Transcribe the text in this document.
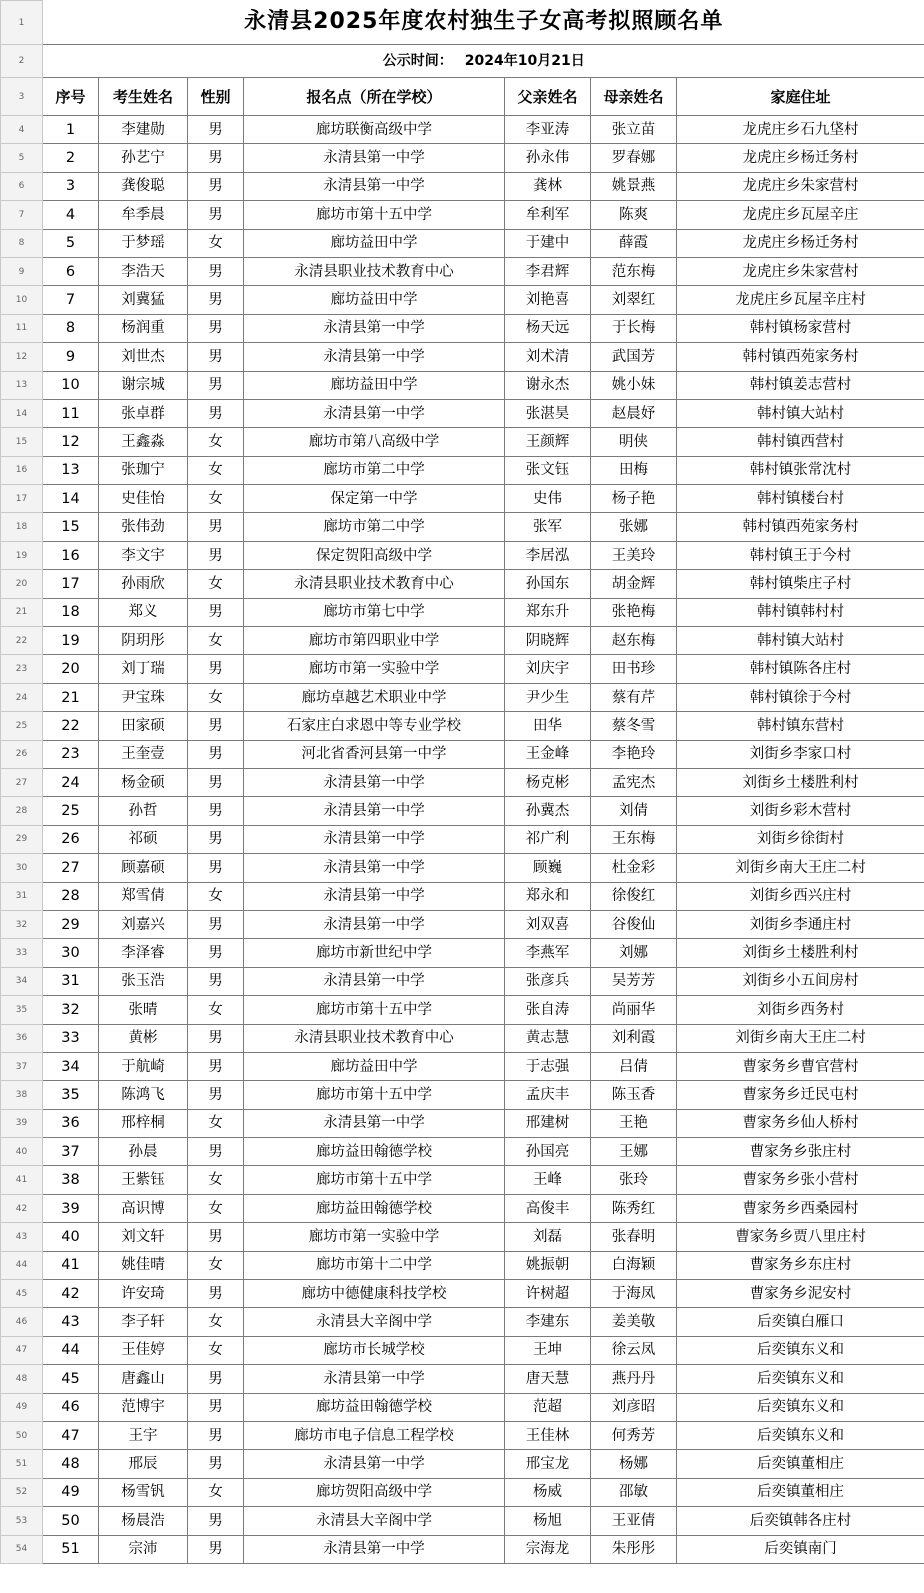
1	永清县2025年度农村独生子女高考拟照顾名单						
2	公示时间： 2024年10月21日						
3	序号	考生姓名	性别	报名点（所在学校）	父亲姓名	母亲姓名	家庭住址
4	1	李建勋	男	廊坊联衡高级中学	李亚涛	张立苗	龙虎庄乡石九垡村
5	2	孙艺宁	男	永清县第一中学	孙永伟	罗春娜	龙虎庄乡杨迁务村
6	3	龚俊聪	男	永清县第一中学	龚林	姚景燕	龙虎庄乡朱家营村
7	4	牟季晨	男	廊坊市第十五中学	牟利军	陈爽	龙虎庄乡瓦屋辛庄
8	5	于梦瑶	女	廊坊益田中学	于建中	薛霞	龙虎庄乡杨迁务村
9	6	李浩天	男	永清县职业技术教育中心	李君辉	范东梅	龙虎庄乡朱家营村
10	7	刘冀猛	男	廊坊益田中学	刘艳喜	刘翠红	龙虎庄乡瓦屋辛庄村
11	8	杨润重	男	永清县第一中学	杨天远	于长梅	韩村镇杨家营村
12	9	刘世杰	男	永清县第一中学	刘术清	武国芳	韩村镇西苑家务村
13	10	谢宗城	男	廊坊益田中学	谢永杰	姚小妹	韩村镇姜志营村
14	11	张卓群	男	永清县第一中学	张湛昊	赵晨妤	韩村镇大站村
15	12	王鑫淼	女	廊坊市第八高级中学	王颜辉	明侠	韩村镇西营村
16	13	张珈宁	女	廊坊市第二中学	张文钰	田梅	韩村镇张常沈村
17	14	史佳怡	女	保定第一中学	史伟	杨子艳	韩村镇楼台村
18	15	张伟劲	男	廊坊市第二中学	张军	张娜	韩村镇西苑家务村
19	16	李文宇	男	保定贺阳高级中学	李居泓	王美玲	韩村镇王于今村
20	17	孙雨欣	女	永清县职业技术教育中心	孙国东	胡金辉	韩村镇柴庄子村
21	18	郑义	男	廊坊市第七中学	郑东升	张艳梅	韩村镇韩村村
22	19	阴玥彤	女	廊坊市第四职业中学	阴晓辉	赵东梅	韩村镇大站村
23	20	刘丁瑞	男	廊坊市第一实验中学	刘庆宇	田书珍	韩村镇陈各庄村
24	21	尹宝珠	女	廊坊卓越艺术职业中学	尹少生	蔡有芹	韩村镇徐于今村
25	22	田家硕	男	石家庄白求恩中等专业学校	田华	蔡冬雪	韩村镇东营村
26	23	王奎壹	男	河北省香河县第一中学	王金峰	李艳玲	刘街乡李家口村
27	24	杨金硕	男	永清县第一中学	杨克彬	孟宪杰	刘街乡土楼胜利村
28	25	孙哲	男	永清县第一中学	孙冀杰	刘倩	刘街乡彩木营村
29	26	祁硕	男	永清县第一中学	祁广利	王东梅	刘街乡徐街村
30	27	顾嘉硕	男	永清县第一中学	顾巍	杜金彩	刘街乡南大王庄二村
31	28	郑雪倩	女	永清县第一中学	郑永和	徐俊红	刘街乡西兴庄村
32	29	刘嘉兴	男	永清县第一中学	刘双喜	谷俊仙	刘街乡李通庄村
33	30	李泽睿	男	廊坊市新世纪中学	李燕军	刘娜	刘街乡土楼胜利村
34	31	张玉浩	男	永清县第一中学	张彦兵	吴芳芳	刘街乡小五间房村
35	32	张晴	女	廊坊市第十五中学	张自涛	尚丽华	刘街乡西务村
36	33	黄彬	男	永清县职业技术教育中心	黄志慧	刘利霞	刘街乡南大王庄二村
37	34	于航崎	男	廊坊益田中学	于志强	吕倩	曹家务乡曹官营村
38	35	陈鸿飞	男	廊坊市第十五中学	孟庆丰	陈玉香	曹家务乡迁民屯村
39	36	邢梓桐	女	永清县第一中学	邢建树	王艳	曹家务乡仙人桥村
40	37	孙晨	男	廊坊益田翰德学校	孙国亮	王娜	曹家务乡张庄村
41	38	王紫钰	女	廊坊市第十五中学	王峰	张玲	曹家务乡张小营村
42	39	高识博	女	廊坊益田翰德学校	高俊丰	陈秀红	曹家务乡西桑园村
43	40	刘文轩	男	廊坊市第一实验中学	刘磊	张春明	曹家务乡贾八里庄村
44	41	姚佳晴	女	廊坊市第十二中学	姚振朝	白海颖	曹家务乡东庄村
45	42	许安琦	男	廊坊中德健康科技学校	许树超	于海凤	曹家务乡泥安村
46	43	李子轩	女	永清县大辛阁中学	李建东	姜美敬	后奕镇白雁口
47	44	王佳婷	女	廊坊市长城学校	王坤	徐云凤	后奕镇东义和
48	45	唐鑫山	男	永清县第一中学	唐天慧	燕丹丹	后奕镇东义和
49	46	范博宇	男	廊坊益田翰德学校	范超	刘彦昭	后奕镇东义和
50	47	王宇	男	廊坊市电子信息工程学校	王佳林	何秀芳	后奕镇东义和
51	48	邢辰	男	永清县第一中学	邢宝龙	杨娜	后奕镇董相庄
52	49	杨雪钒	女	廊坊贺阳高级中学	杨威	邵敏	后奕镇董相庄
53	50	杨晨浩	男	永清县大辛阁中学	杨旭	王亚倩	后奕镇韩各庄村
54	51	宗沛	男	永清县第一中学	宗海龙	朱彤彤	后奕镇南门
